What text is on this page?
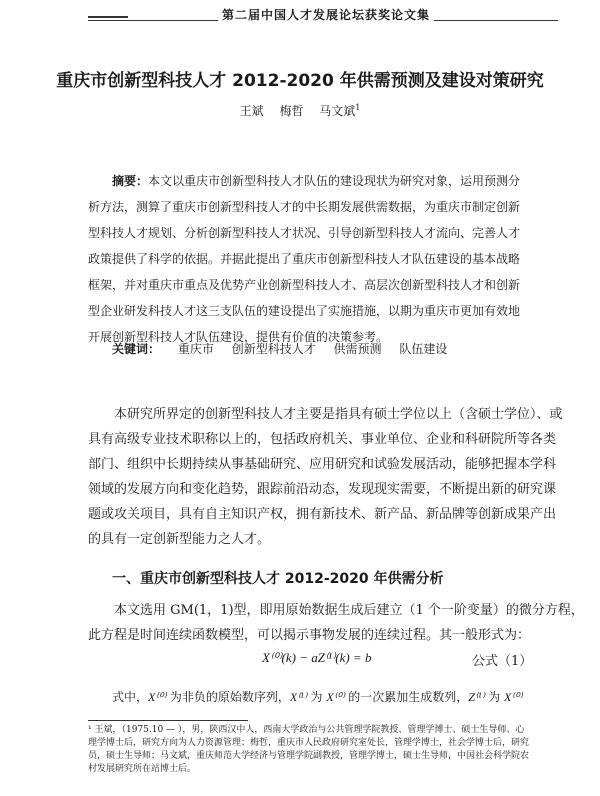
第二届中国人才发展论坛获奖论文集
重庆市创新型科技人才 2012-2020 年供需预测及建设对策研究
王斌 梅哲 马文斌$^1$
摘要：本文以重庆市创新型科技人才队伍的建设现状为研究对象，运用预测分
析方法，测算了重庆市创新型科技人才的中长期发展供需数据，为重庆市制定创新
型科技人才规划、分析创新型科技人才状况、引导创新型科技人才流向、完善人才
政策提供了科学的依据。并据此提出了重庆市创新型科技人才队伍建设的基本战略
框架，并对重庆市重点及优势产业创新型科技人才、高层次创新型科技人才和创新
型企业研发科技人才这三支队伍的建设提出了实施措施，以期为重庆市更加有效地
开展创新型科技人才队伍建设，提供有价值的决策参考。
关键词： 重庆市 创新型科技人才 供需预测 队伍建设
本研究所界定的创新型科技人才主要是指具有硕士学位以上（含硕士学位）、或
具有高级专业技术职称以上的，包括政府机关、事业单位、企业和科研院所等各类
部门、组织中长期持续从事基础研究、应用研究和试验发展活动，能够把握本学科
领域的发展方向和变化趋势，跟踪前沿动态，发现现实需要，不断提出新的研究课
题或攻关项目，具有自主知识产权，拥有新技术、新产品、新品牌等创新成果产出
的具有一定创新型能力之人才。
一、重庆市创新型科技人才 2012-2020 年供需分析
本文选用 GM(1，1)型，即用原始数据生成后建立（1 个一阶变量）的微分方程，
此方程是时间连续函数模型，可以揭示事物发展的连续过程。其一般形式为：
X⁽⁰⁾(k) − aZ⁽¹⁾(k) = b	公式（1）
式中，X⁽⁰⁾ 为非负的原始数序列，X⁽¹⁾ 为 X⁽⁰⁾ 的一次累加生成数列，Z⁽¹⁾ 为 X⁽⁰⁾
¹ 王斌，（1975.10 — ），男，陕西汉中人，西南大学政治与公共管理学院教授、管理学博士、硕士生导师、心
理学博士后，研究方向为人力资源管理；梅哲，重庆市人民政府研究室处长，管理学博士，社会学博士后，研究
员，硕士生导师；马文斌，重庆师范大学经济与管理学院副教授，管理学博士，硕士生导师，中国社会科学院农
村发展研究所在站博士后。
